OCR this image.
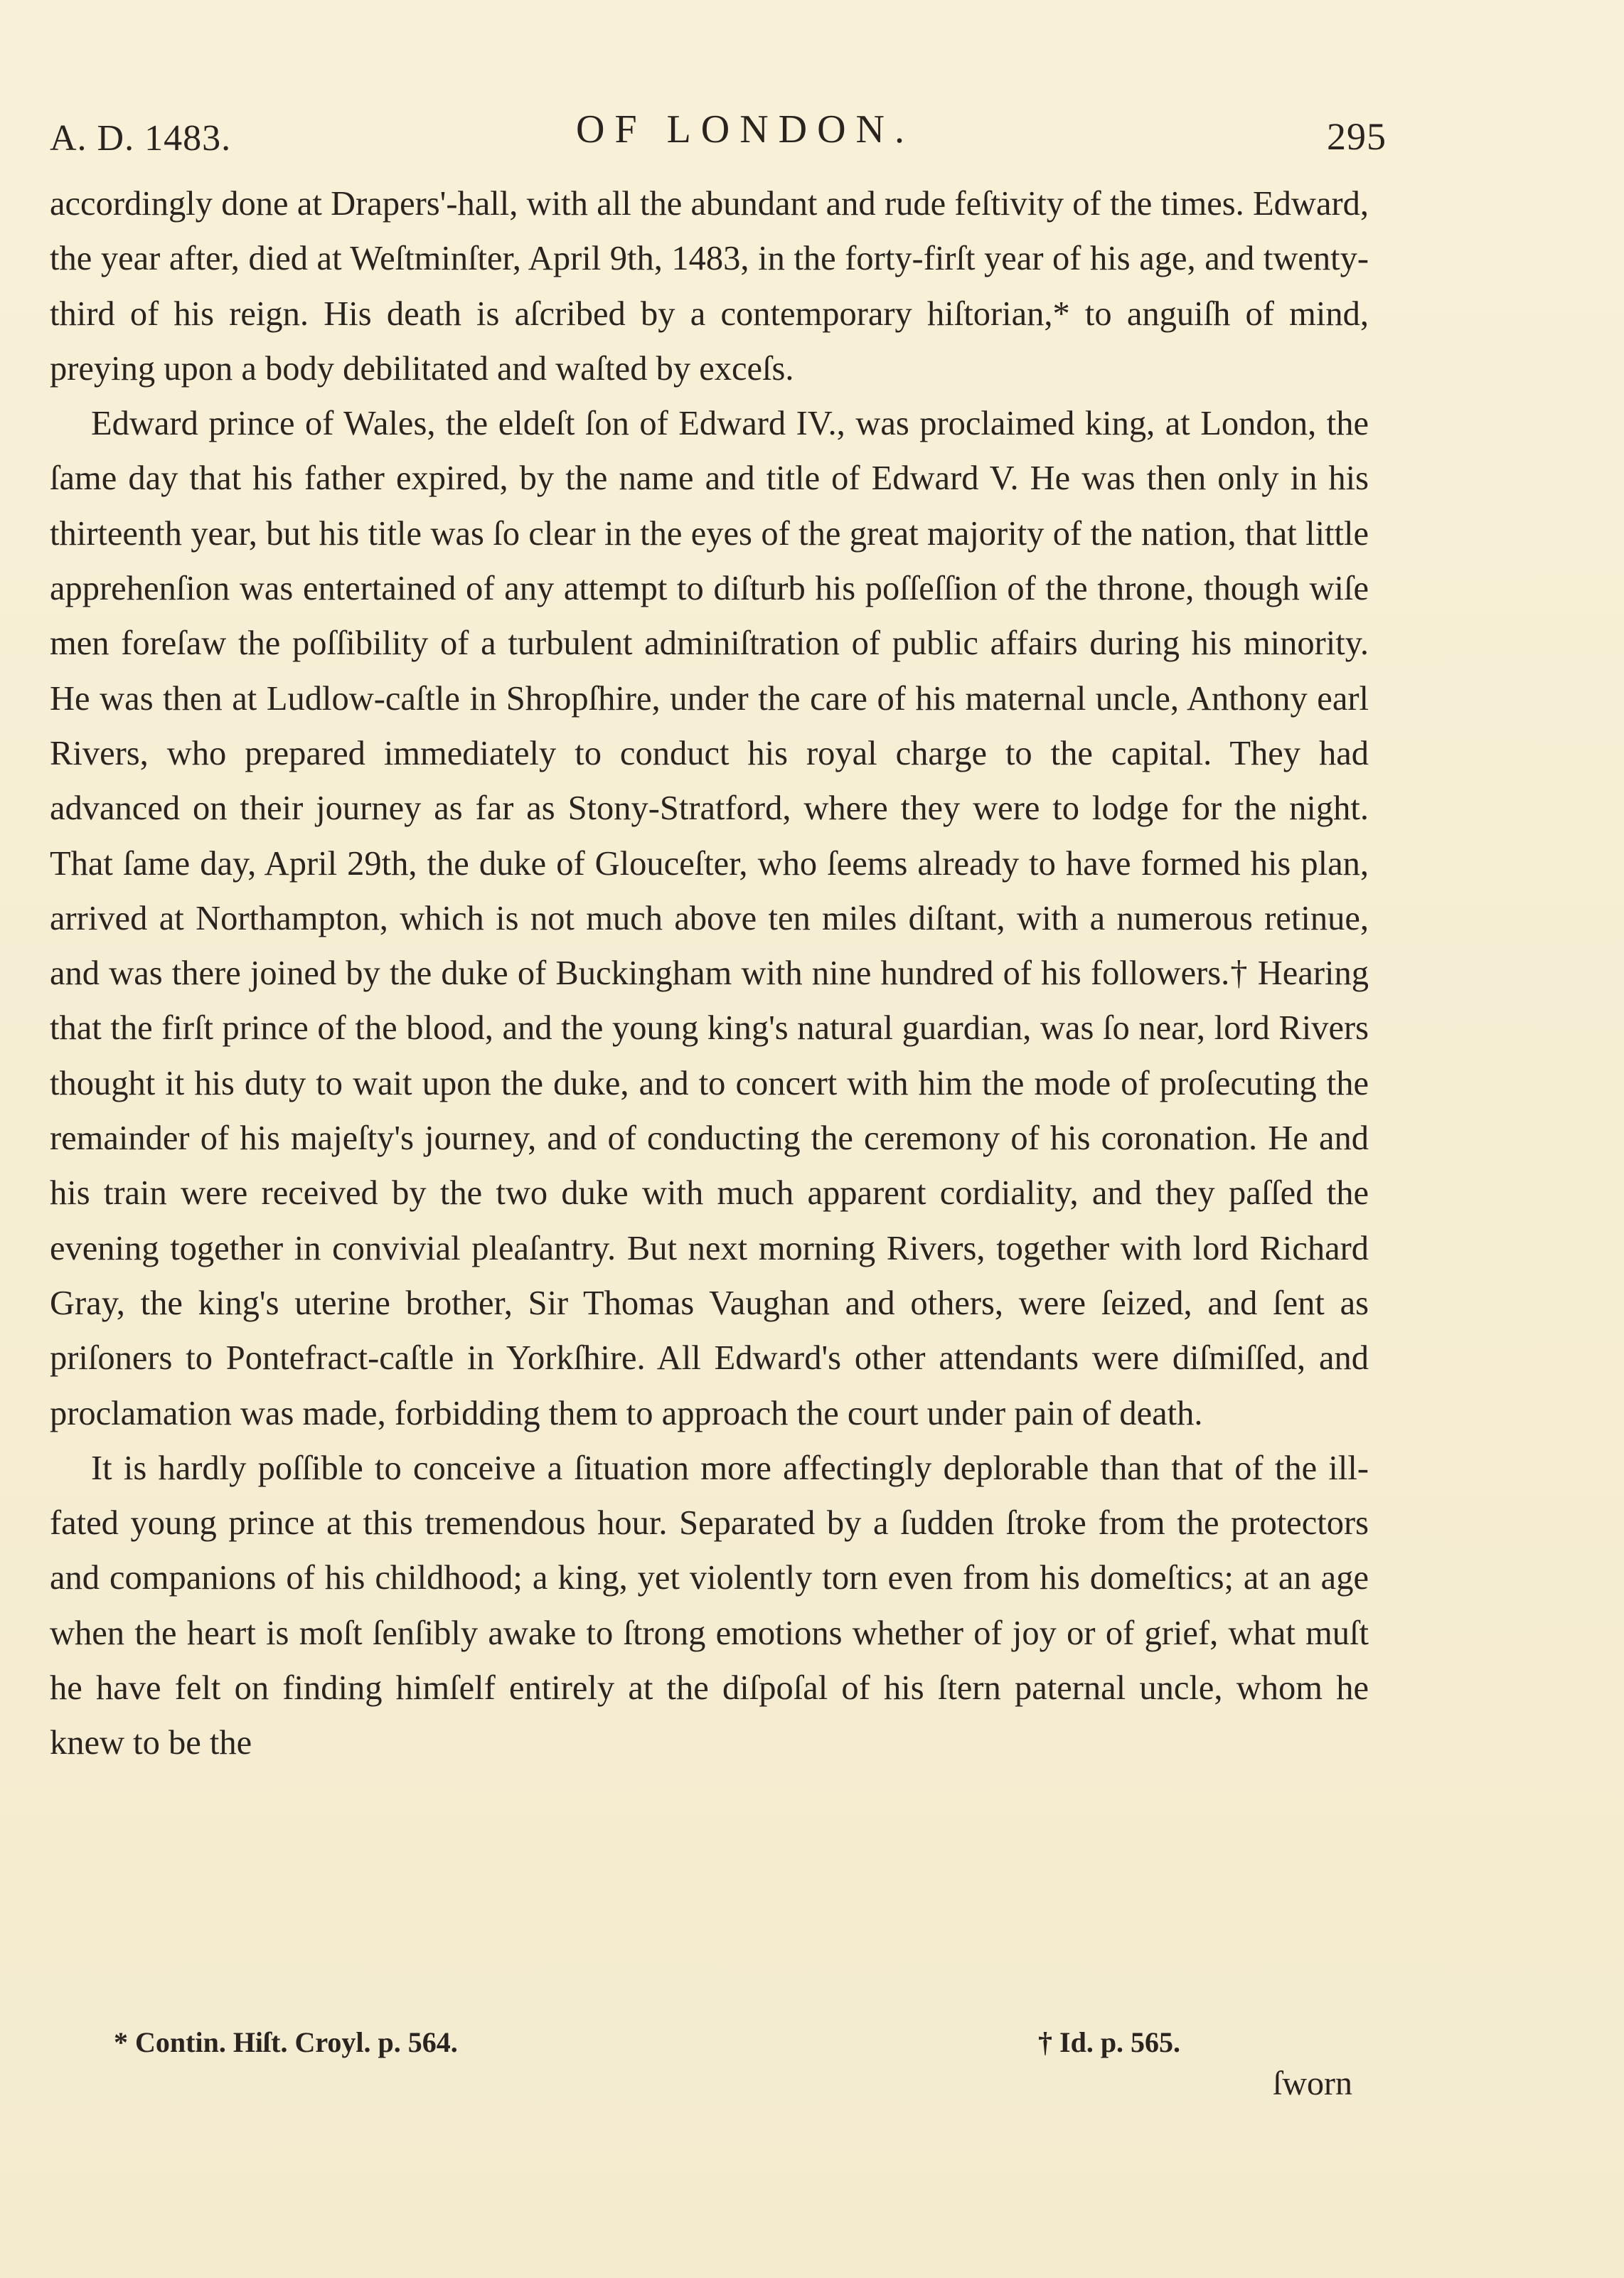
A. D. 1483.	OF LONDON.	295

accordingly done at Drapers'-hall, with all the abundant and rude feſtivity of the times. Edward, the year after, died at Weſtminſter, April 9th, 1483, in the forty-firſt year of his age, and twenty-third of his reign. His death is aſcribed by a contemporary hiſtorian,* to anguiſh of mind, preying upon a body debilitated and waſted by exceſs.

Edward prince of Wales, the eldeſt ſon of Edward IV., was proclaimed king, at London, the ſame day that his father expired, by the name and title of Edward V. He was then only in his thirteenth year, but his title was ſo clear in the eyes of the great majority of the nation, that little apprehenſion was entertained of any attempt to diſturb his poſſeſſion of the throne, though wiſe men foreſaw the poſſibility of a turbulent adminiſtration of public affairs during his minority. He was then at Ludlow-caſtle in Shropſhire, under the care of his maternal uncle, Anthony earl Rivers, who prepared immediately to conduct his royal charge to the capital. They had advanced on their journey as far as Stony-Stratford, where they were to lodge for the night. That ſame day, April 29th, the duke of Glouceſter, who ſeems already to have formed his plan, arrived at Northampton, which is not much above ten miles diſtant, with a numerous retinue, and was there joined by the duke of Buckingham with nine hundred of his followers.† Hearing that the firſt prince of the blood, and the young king's natural guardian, was ſo near, lord Rivers thought it his duty to wait upon the duke, and to concert with him the mode of proſecuting the remainder of his majeſty's journey, and of conducting the ceremony of his coronation. He and his train were received by the two duke with much apparent cordiality, and they paſſed the evening together in convivial pleaſantry. But next morning Rivers, together with lord Richard Gray, the king's uterine brother, Sir Thomas Vaughan and others, were ſeized, and ſent as priſoners to Pontefract-caſtle in Yorkſhire. All Edward's other attendants were diſmiſſed, and proclamation was made, forbidding them to approach the court under pain of death.

It is hardly poſſible to conceive a ſituation more affectingly deplorable than that of the ill-fated young prince at this tremendous hour. Separated by a ſudden ſtroke from the protectors and companions of his childhood; a king, yet violently torn even from his domeſtics; at an age when the heart is moſt ſenſibly awake to ſtrong emotions whether of joy or of grief, what muſt he have felt on finding himſelf entirely at the diſpoſal of his ſtern paternal uncle, whom he knew to be the

* Contin. Hiſt. Croyl. p. 564.	† Id. p. 565.
ſworn
